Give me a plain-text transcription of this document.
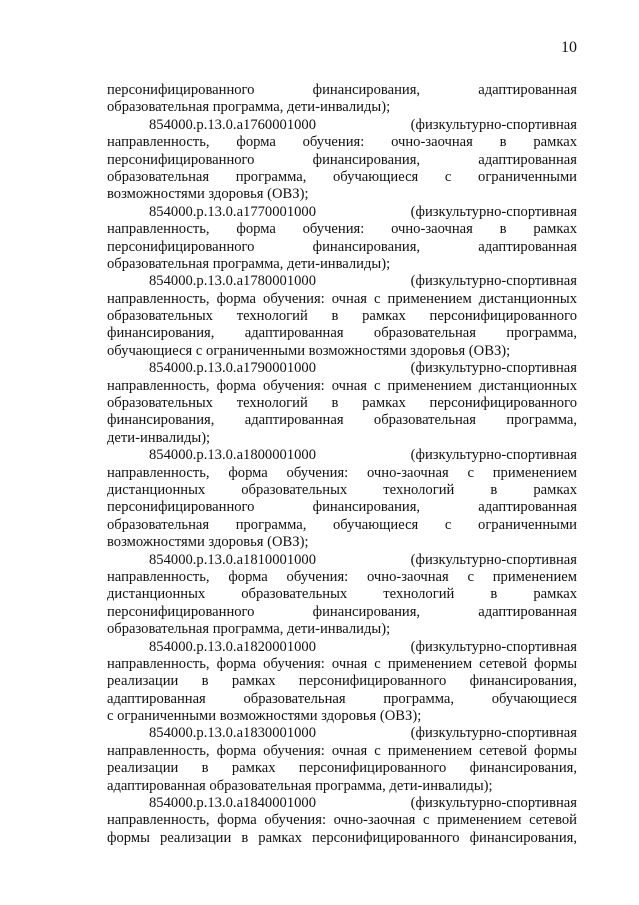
10
персонифицированного финансирования, адаптированная
образовательная программа, дети-инвалиды);
854000.р.13.0.а1760001000	(физкультурно-спортивная
направленность, форма обучения: очно-заочная в рамках
персонифицированного финансирования, адаптированная
образовательная программа, обучающиеся с ограниченными
возможностями здоровья (ОВЗ);
854000.р.13.0.а1770001000	(физкультурно-спортивная
направленность, форма обучения: очно-заочная в рамках
персонифицированного финансирования, адаптированная
образовательная программа, дети-инвалиды);
854000.р.13.0.а1780001000	(физкультурно-спортивная
направленность, форма обучения: очная с применением дистанционных
образовательных технологий в рамках персонифицированного
финансирования, адаптированная образовательная программа,
обучающиеся с ограниченными возможностями здоровья (ОВЗ);
854000.р.13.0.а1790001000	(физкультурно-спортивная
направленность, форма обучения: очная с применением дистанционных
образовательных технологий в рамках персонифицированного
финансирования, адаптированная образовательная программа,
дети-инвалиды);
854000.р.13.0.а1800001000	(физкультурно-спортивная
направленность, форма обучения: очно-заочная с применением
дистанционных образовательных технологий в рамках
персонифицированного финансирования, адаптированная
образовательная программа, обучающиеся с ограниченными
возможностями здоровья (ОВЗ);
854000.р.13.0.а1810001000	(физкультурно-спортивная
направленность, форма обучения: очно-заочная с применением
дистанционных образовательных технологий в рамках
персонифицированного финансирования, адаптированная
образовательная программа, дети-инвалиды);
854000.р.13.0.а1820001000	(физкультурно-спортивная
направленность, форма обучения: очная с применением сетевой формы
реализации в рамках персонифицированного финансирования,
адаптированная образовательная программа, обучающиеся
с ограниченными возможностями здоровья (ОВЗ);
854000.р.13.0.а1830001000	(физкультурно-спортивная
направленность, форма обучения: очная с применением сетевой формы
реализации в рамках персонифицированного финансирования,
адаптированная образовательная программа, дети-инвалиды);
854000.р.13.0.а1840001000	(физкультурно-спортивная
направленность, форма обучения: очно-заочная с применением сетевой
формы реализации в рамках персонифицированного финансирования,
